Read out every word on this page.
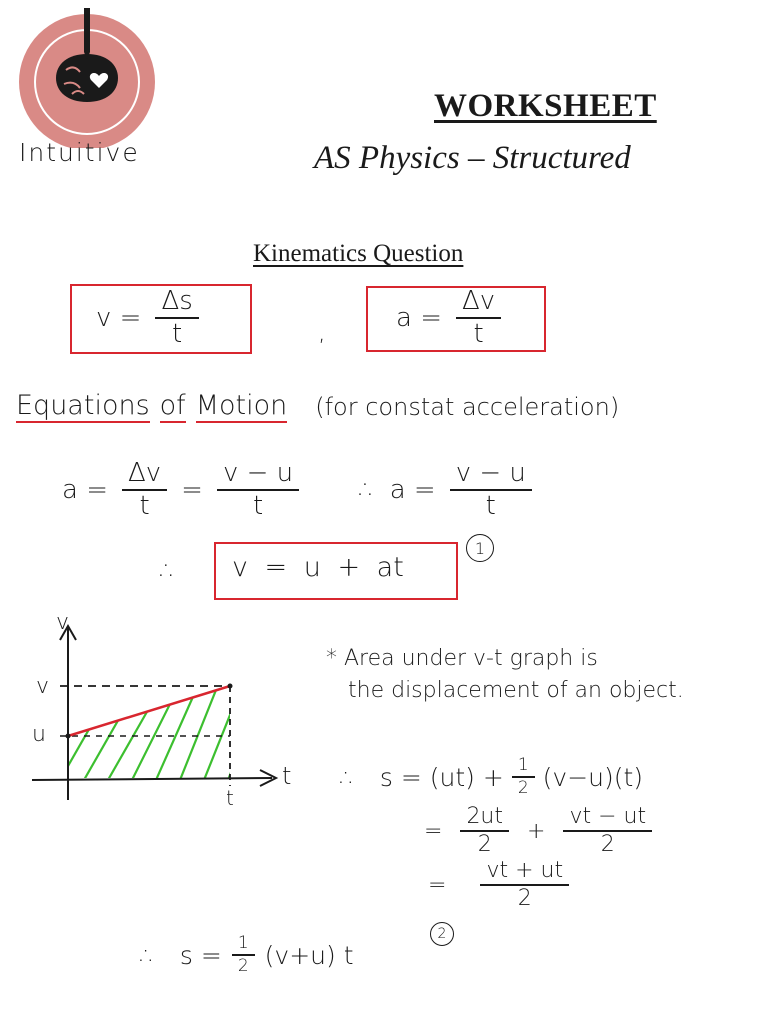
Intuitive
WORKSHEET
AS Physics – Structured
Kinematics Question
$v = \frac{\Delta s}{t}$	,	$a = \frac{\Delta v}{t}$
Equations of Motion (for constat acceleration)
$a = \frac{\Delta v}{t} = \frac{v - u}{t}$ ∴ $a = \frac{v - u}{t}$
∴ v = u + at
1
v
v
u
t
t
* Area under v-t graph is
the displacement of an object.
∴ $s = (ut) + \frac{1}{2} (v-u)(t)$
= $\frac{2ut}{2} + \frac{vt - ut}{2}$
= $\frac{vt + ut}{2}$
∴ $s = \frac{1}{2} (v+u)$ t
2
